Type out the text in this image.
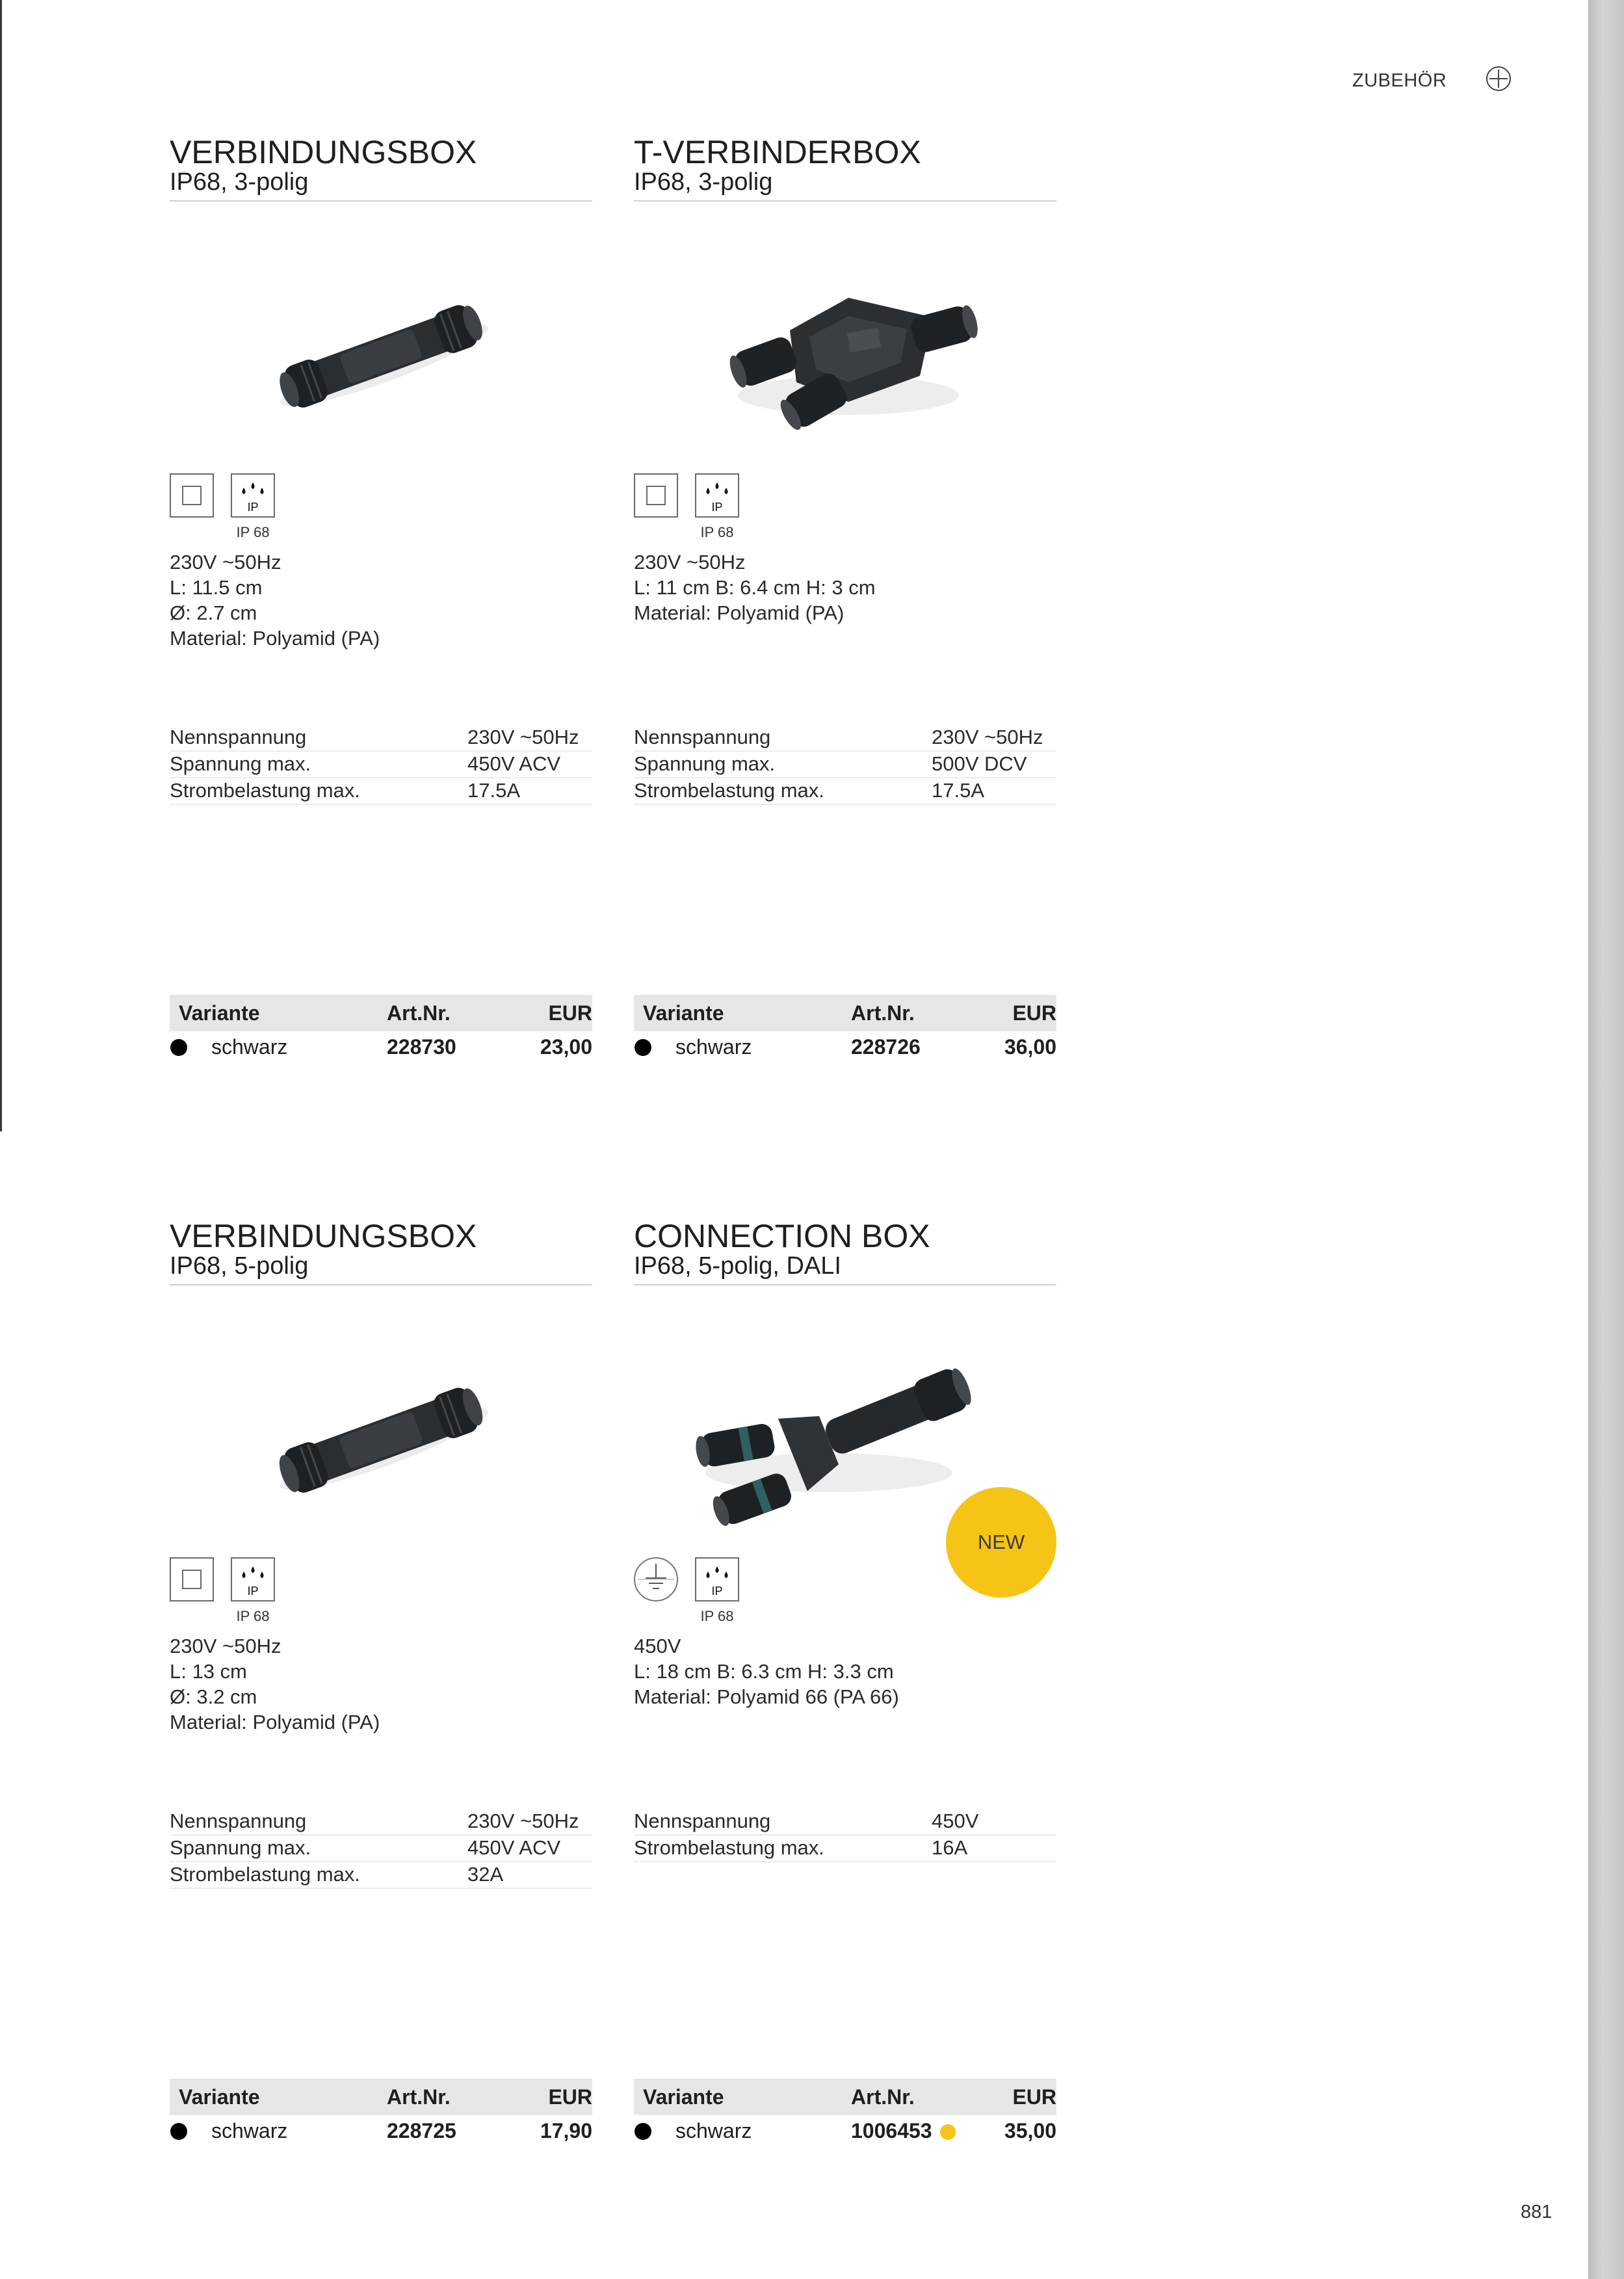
ZUBEHÖR
VERBINDUNGSBOX
IP68, 3-polig
IP
IP 68
230V ~50Hz
L: 11.5 cm
Ø: 2.7 cm
Material: Polyamid (PA)
Nennspannung	230V ~50Hz
Spannung max.	450V ACV
Strombelastung max.	17.5A
Variante	Art.Nr.	EUR
schwarz	228730	23,00
T-VERBINDERBOX
IP68, 3-polig
IP
IP 68
230V ~50Hz
L: 11 cm B: 6.4 cm H: 3 cm
Material: Polyamid (PA)
Nennspannung	230V ~50Hz
Spannung max.	500V DCV
Strombelastung max.	17.5A
Variante	Art.Nr.	EUR
schwarz	228726	36,00
VERBINDUNGSBOX
IP68, 5-polig
IP
IP 68
230V ~50Hz
L: 13 cm
Ø: 3.2 cm
Material: Polyamid (PA)
Nennspannung	230V ~50Hz
Spannung max.	450V ACV
Strombelastung max.	32A
Variante	Art.Nr.	EUR
schwarz	228725	17,90
CONNECTION BOX
IP68, 5-polig, DALI
NEW
IP
IP 68
450V
L: 18 cm B: 6.3 cm H: 3.3 cm
Material: Polyamid 66 (PA 66)
Nennspannung	450V
Strombelastung max.	16A
Variante	Art.Nr.	EUR
schwarz	1006453	35,00
881
